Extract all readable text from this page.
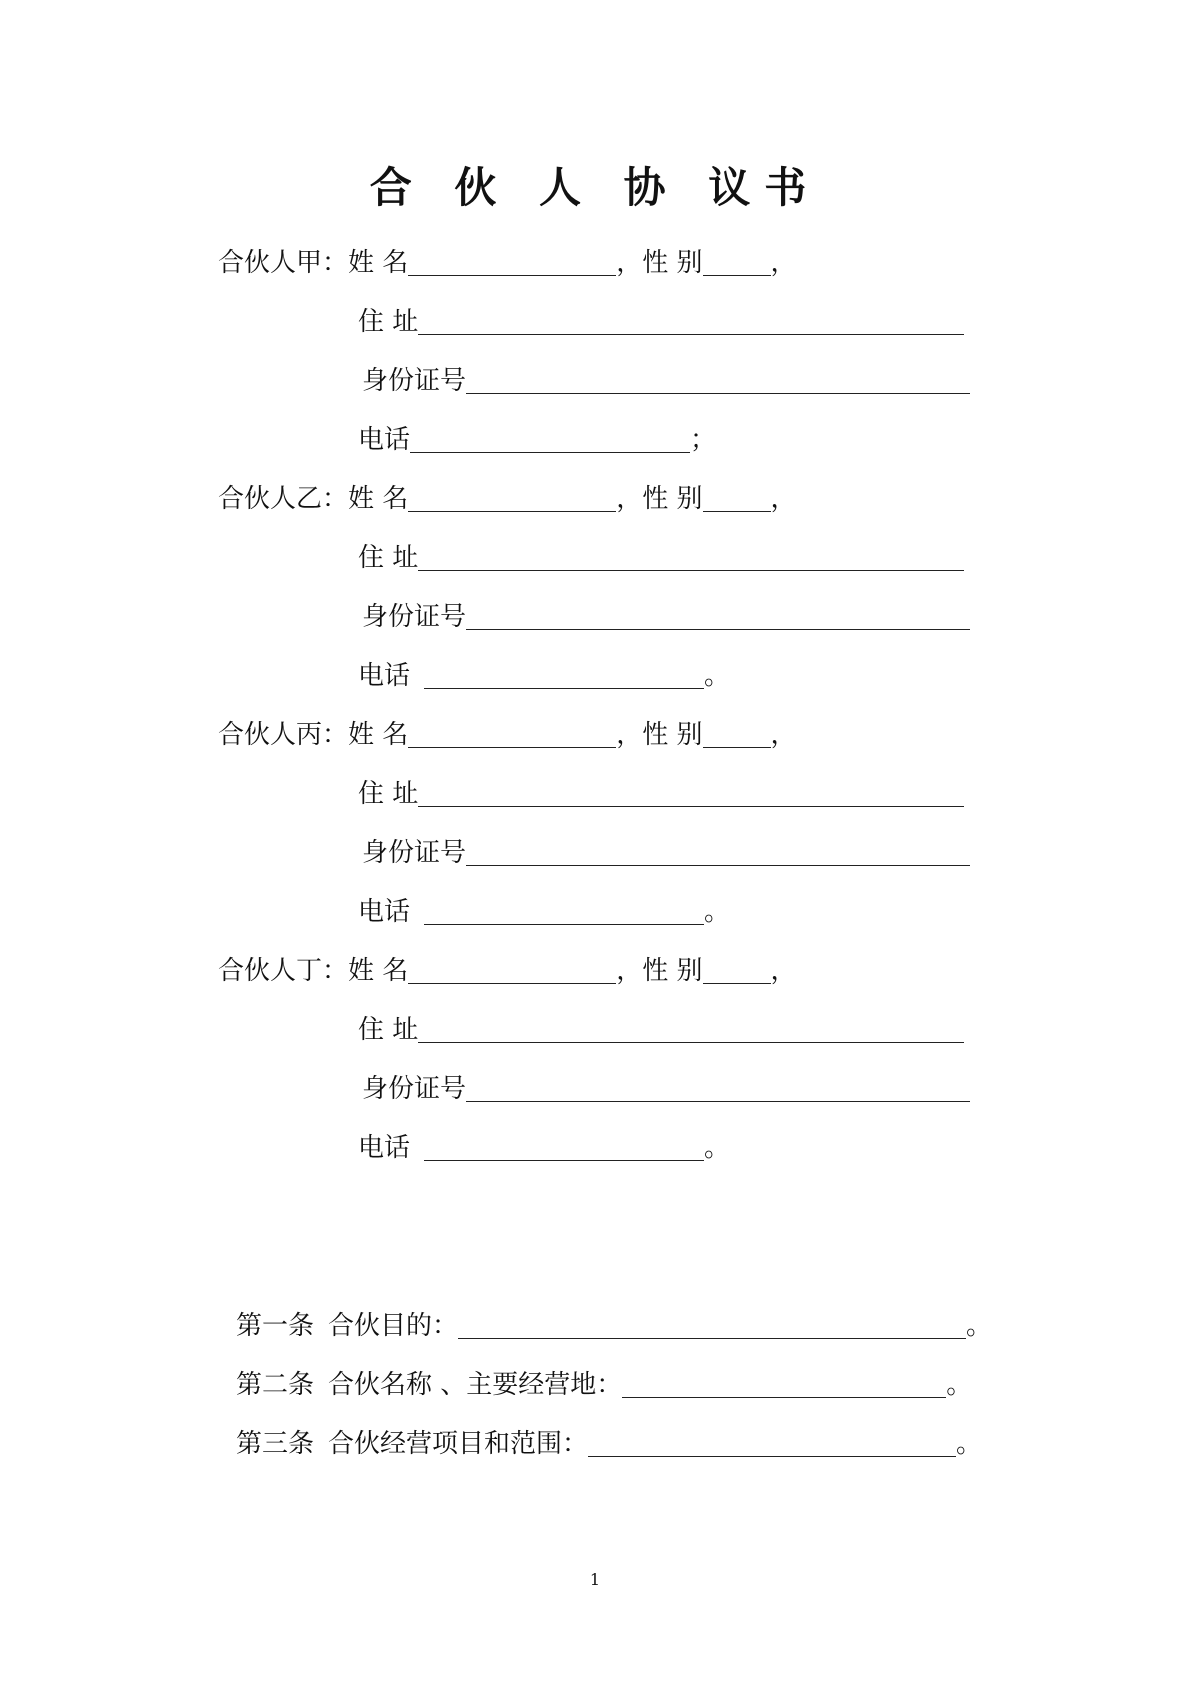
合 伙 人 协 议书
合伙人甲：姓 名	，性 别	，
住 址
身份证号
电话	；
合伙人乙：姓 名	，性 别	，
住 址
身份证号
电话	。
合伙人丙：姓 名	，性 别	，
住 址
身份证号
电话	。
合伙人丁：姓 名	，性 别	，
住 址
身份证号
电话	。
第一条 合伙目的：	。
第二条 合伙名称 、主要经营地：	。
第三条 合伙经营项目和范围：	。
1
